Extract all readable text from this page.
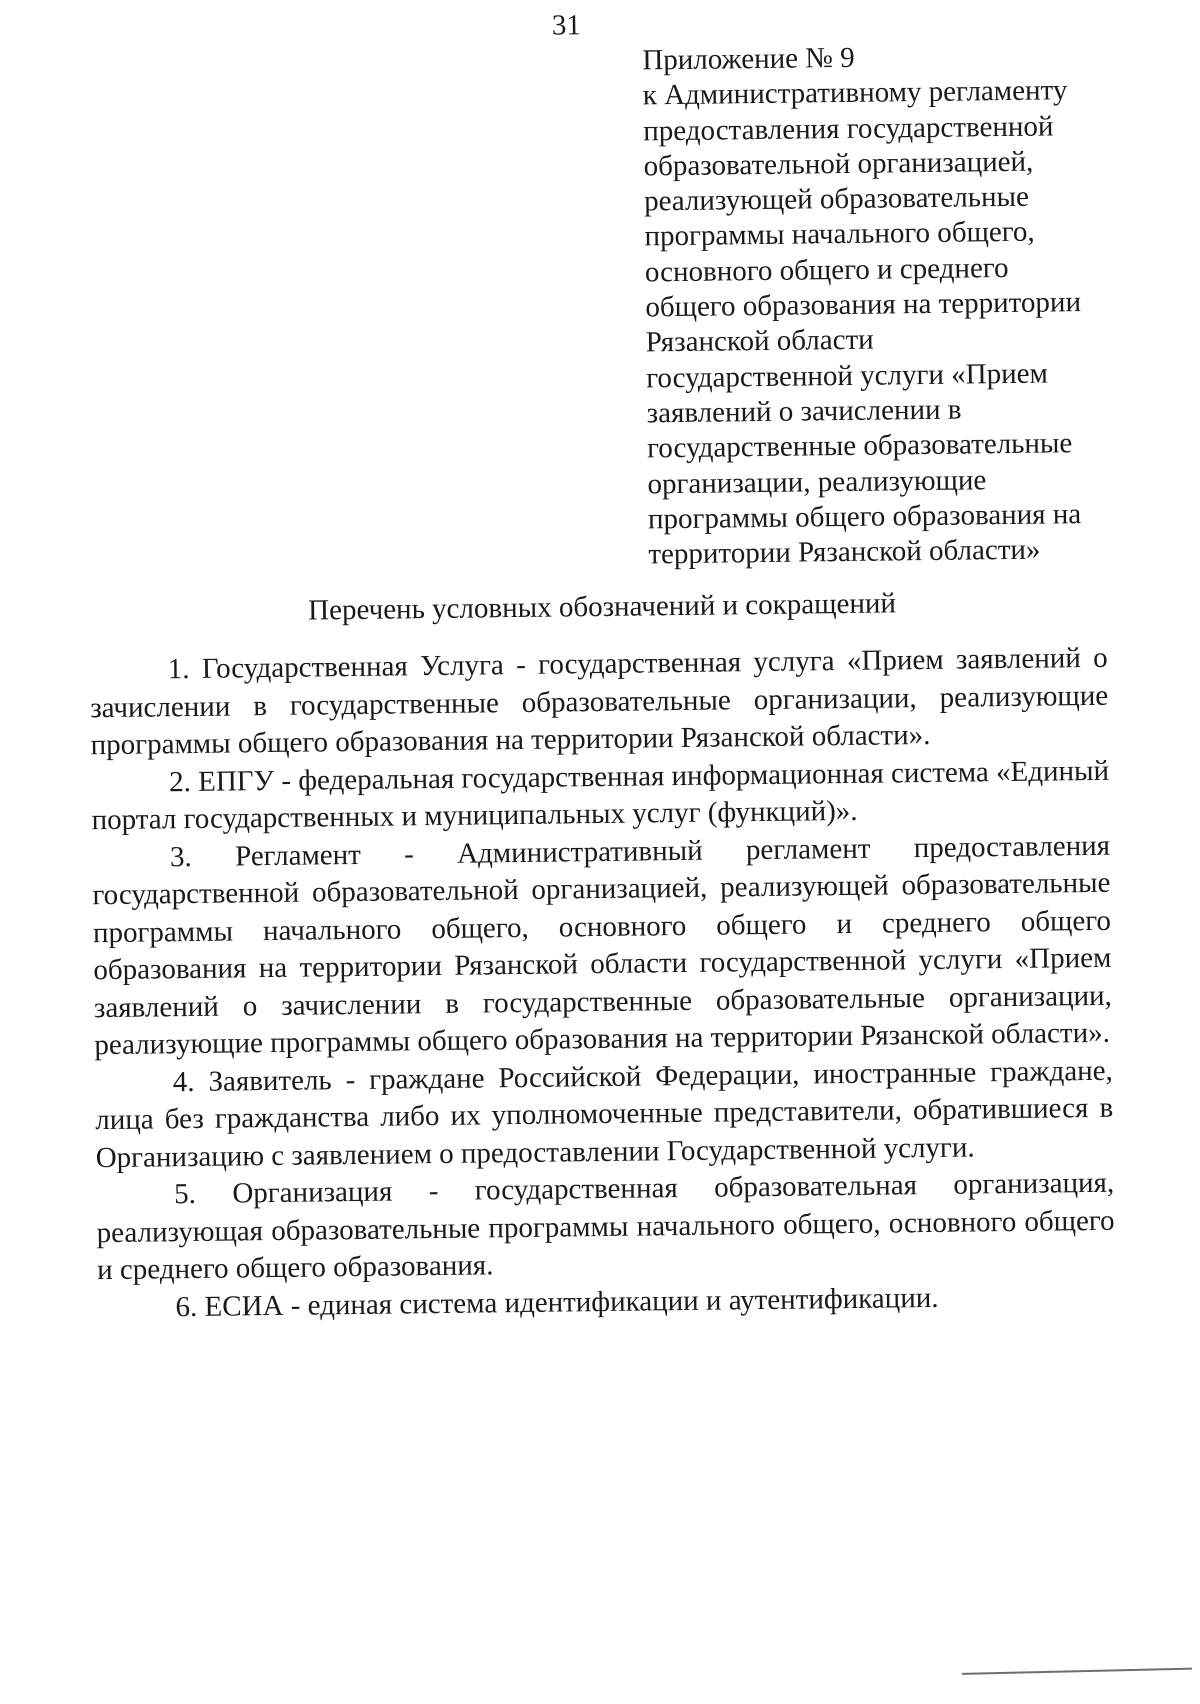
31
Приложение № 9
к Административному регламенту
предоставления государственной
образовательной организацией,
реализующей образовательные
программы начального общего,
основного общего и среднего
общего образования на территории
Рязанской области
государственной услуги «Прием
заявлений о зачислении в
государственные образовательные
организации, реализующие
программы общего образования на
территории Рязанской области»
Перечень условных обозначений и сокращений

1. Государственная Услуга - государственная услуга «Прием заявлений о зачислении в государственные образовательные организации, реализующие программы общего образования на территории Рязанской области».

2. ЕПГУ - федеральная государственная информационная система «Единый портал государственных и муниципальных услуг (функций)».

3. Регламент - Административный регламент предоставления государственной образовательной организацией, реализующей образовательные программы начального общего, основного общего и среднего общего образования на территории Рязанской области государственной услуги «Прием заявлений о зачислении в государственные образовательные организации, реализующие программы общего образования на территории Рязанской области».

4. Заявитель - граждане Российской Федерации, иностранные граждане, лица без гражданства либо их уполномоченные представители, обратившиеся в Организацию с заявлением о предоставлении Государственной услуги.

5. Организация - государственная образовательная организация, реализующая образовательные программы начального общего, основного общего и среднего общего образования.

6. ЕСИА - единая система идентификации и аутентификации.
